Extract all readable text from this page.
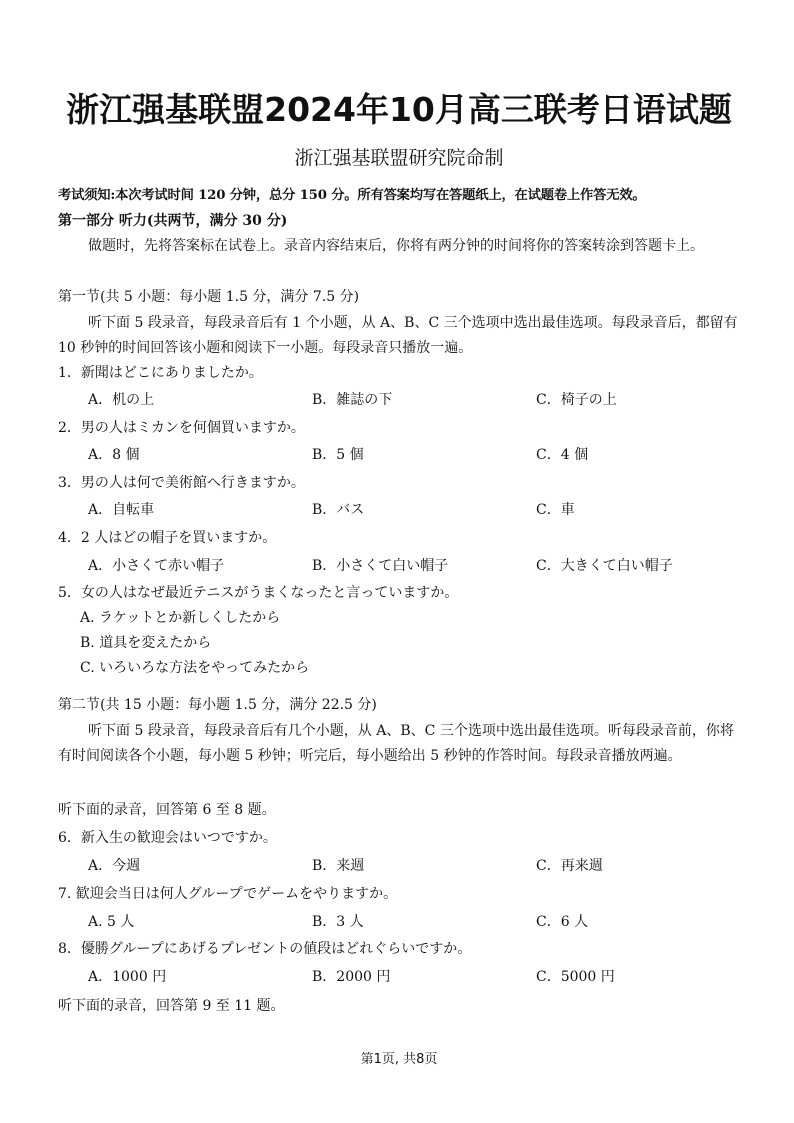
浙江强基联盟2024年10月高三联考日语试题
浙江强基联盟研究院命制
考试须知:本次考试时间 120 分钟，总分 150 分。所有答案均写在答题纸上，在试题卷上作答无效。
第一部分 听力(共两节，满分 30 分)
做题时，先将答案标在试卷上。录音内容结束后，你将有两分钟的时间将你的答案转涂到答题卡上。
第一节(共 5 小题：每小题 1.5 分，满分 7.5 分)
听下面 5 段录音，每段录音后有 1 个小题，从 A、B、C 三个选项中选出最佳选项。每段录音后，都留有 10 秒钟的时间回答该小题和阅读下一小题。每段录音只播放一遍。
1．新聞はどこにありましたか。
A．机の上	B．雑誌の下	C．椅子の上
2．男の人はミカンを何個買いますか。
A．8 個	B．5 個	C．4 個
3．男の人は何で美術館へ行きますか。
A．自転車	B．バス	C．車
4．2 人はどの帽子を買いますか。
A．小さくて赤い帽子	B．小さくて白い帽子	C．大きくて白い帽子
5．女の人はなぜ最近テニスがうまくなったと言っていますか。
A. ラケットとか新しくしたから
B. 道具を変えたから
C. いろいろな方法をやってみたから
第二节(共 15 小题：每小题 1.5 分，满分 22.5 分)
听下面 5 段录音，每段录音后有几个小题，从 A、B、C 三个选项中选出最佳选项。听每段录音前，你将有时间阅读各个小题，每小题 5 秒钟；听完后，每小题给出 5 秒钟的作答时间。每段录音播放两遍。
听下面的录音，回答第 6 至 8 题。
6．新入生の歓迎会はいつですか。
A．今週	B．来週	C．再来週
7. 歓迎会当日は何人グループでゲームをやりますか。
A. 5 人	B．3 人	C．6 人
8．優勝グループにあげるプレゼントの値段はどれぐらいですか。
A．1000 円	B．2000 円	C．5000 円
听下面的录音，回答第 9 至 11 题。
第1页, 共8页
